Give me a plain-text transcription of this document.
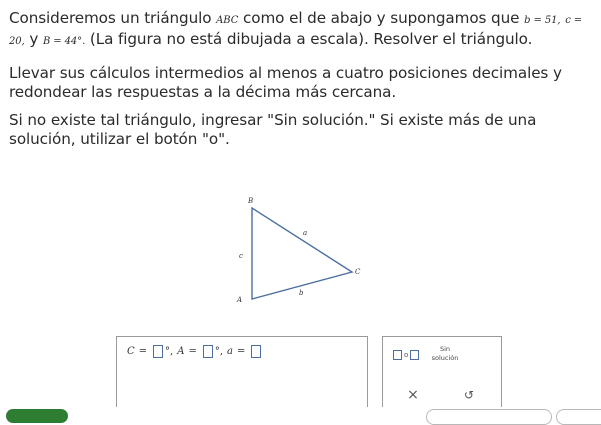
Consideremos un triángulo ABC como el de abajo y supongamos que b = 51, c = 20, y B = 44°. (La figura no está dibujada a escala). Resolver el triángulo.

Llevar sus cálculos intermedios al menos a cuatro posiciones decimales y redondear las respuestas a la décima más cercana.

Si no existe tal triángulo, ingresar "Sin solución." Si existe más de una solución, utilizar el botón "o".

B
C
A
a
b
c
C = °, A = °, a =	o
Sin solución
×	↺
